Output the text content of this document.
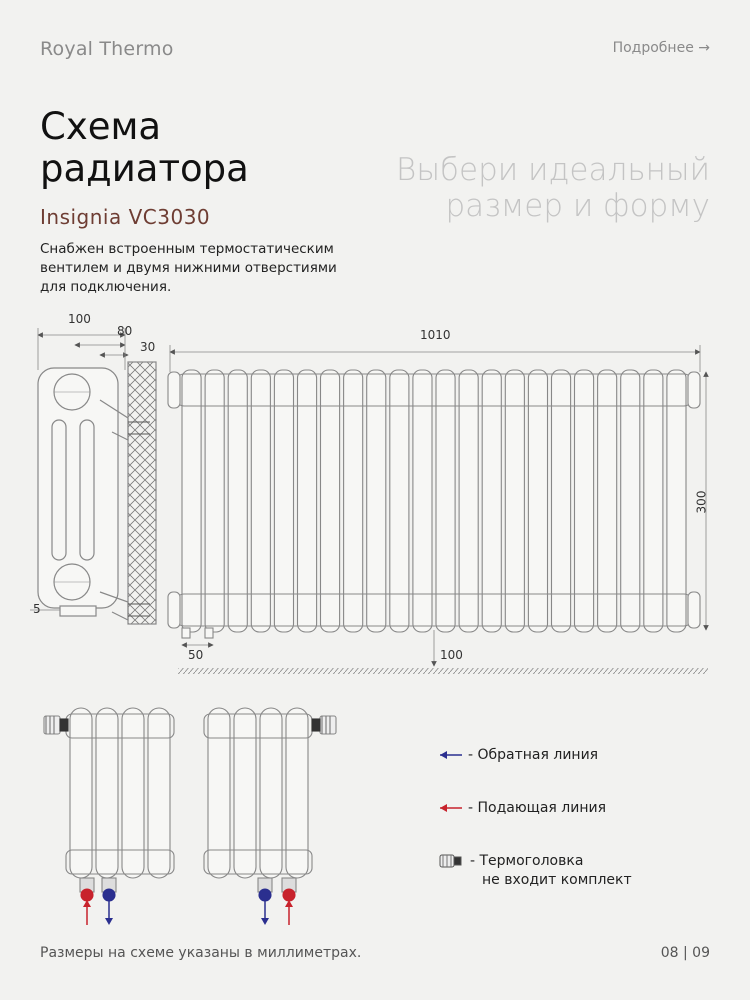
Royal Thermo	Подробнее →
Схема
радиатора	Выбери идеальный
размер и форму
Insignia VC3030
Снабжен встроенным термостатическим вентилем и двумя нижними отверстиями для подключения.
100
80
30
5
1010
300
50	100
- Обратная линия
- Подающая линия
- Термоголовка
не входит комплект
Размеры на схеме указаны в миллиметрах.	08 | 09
